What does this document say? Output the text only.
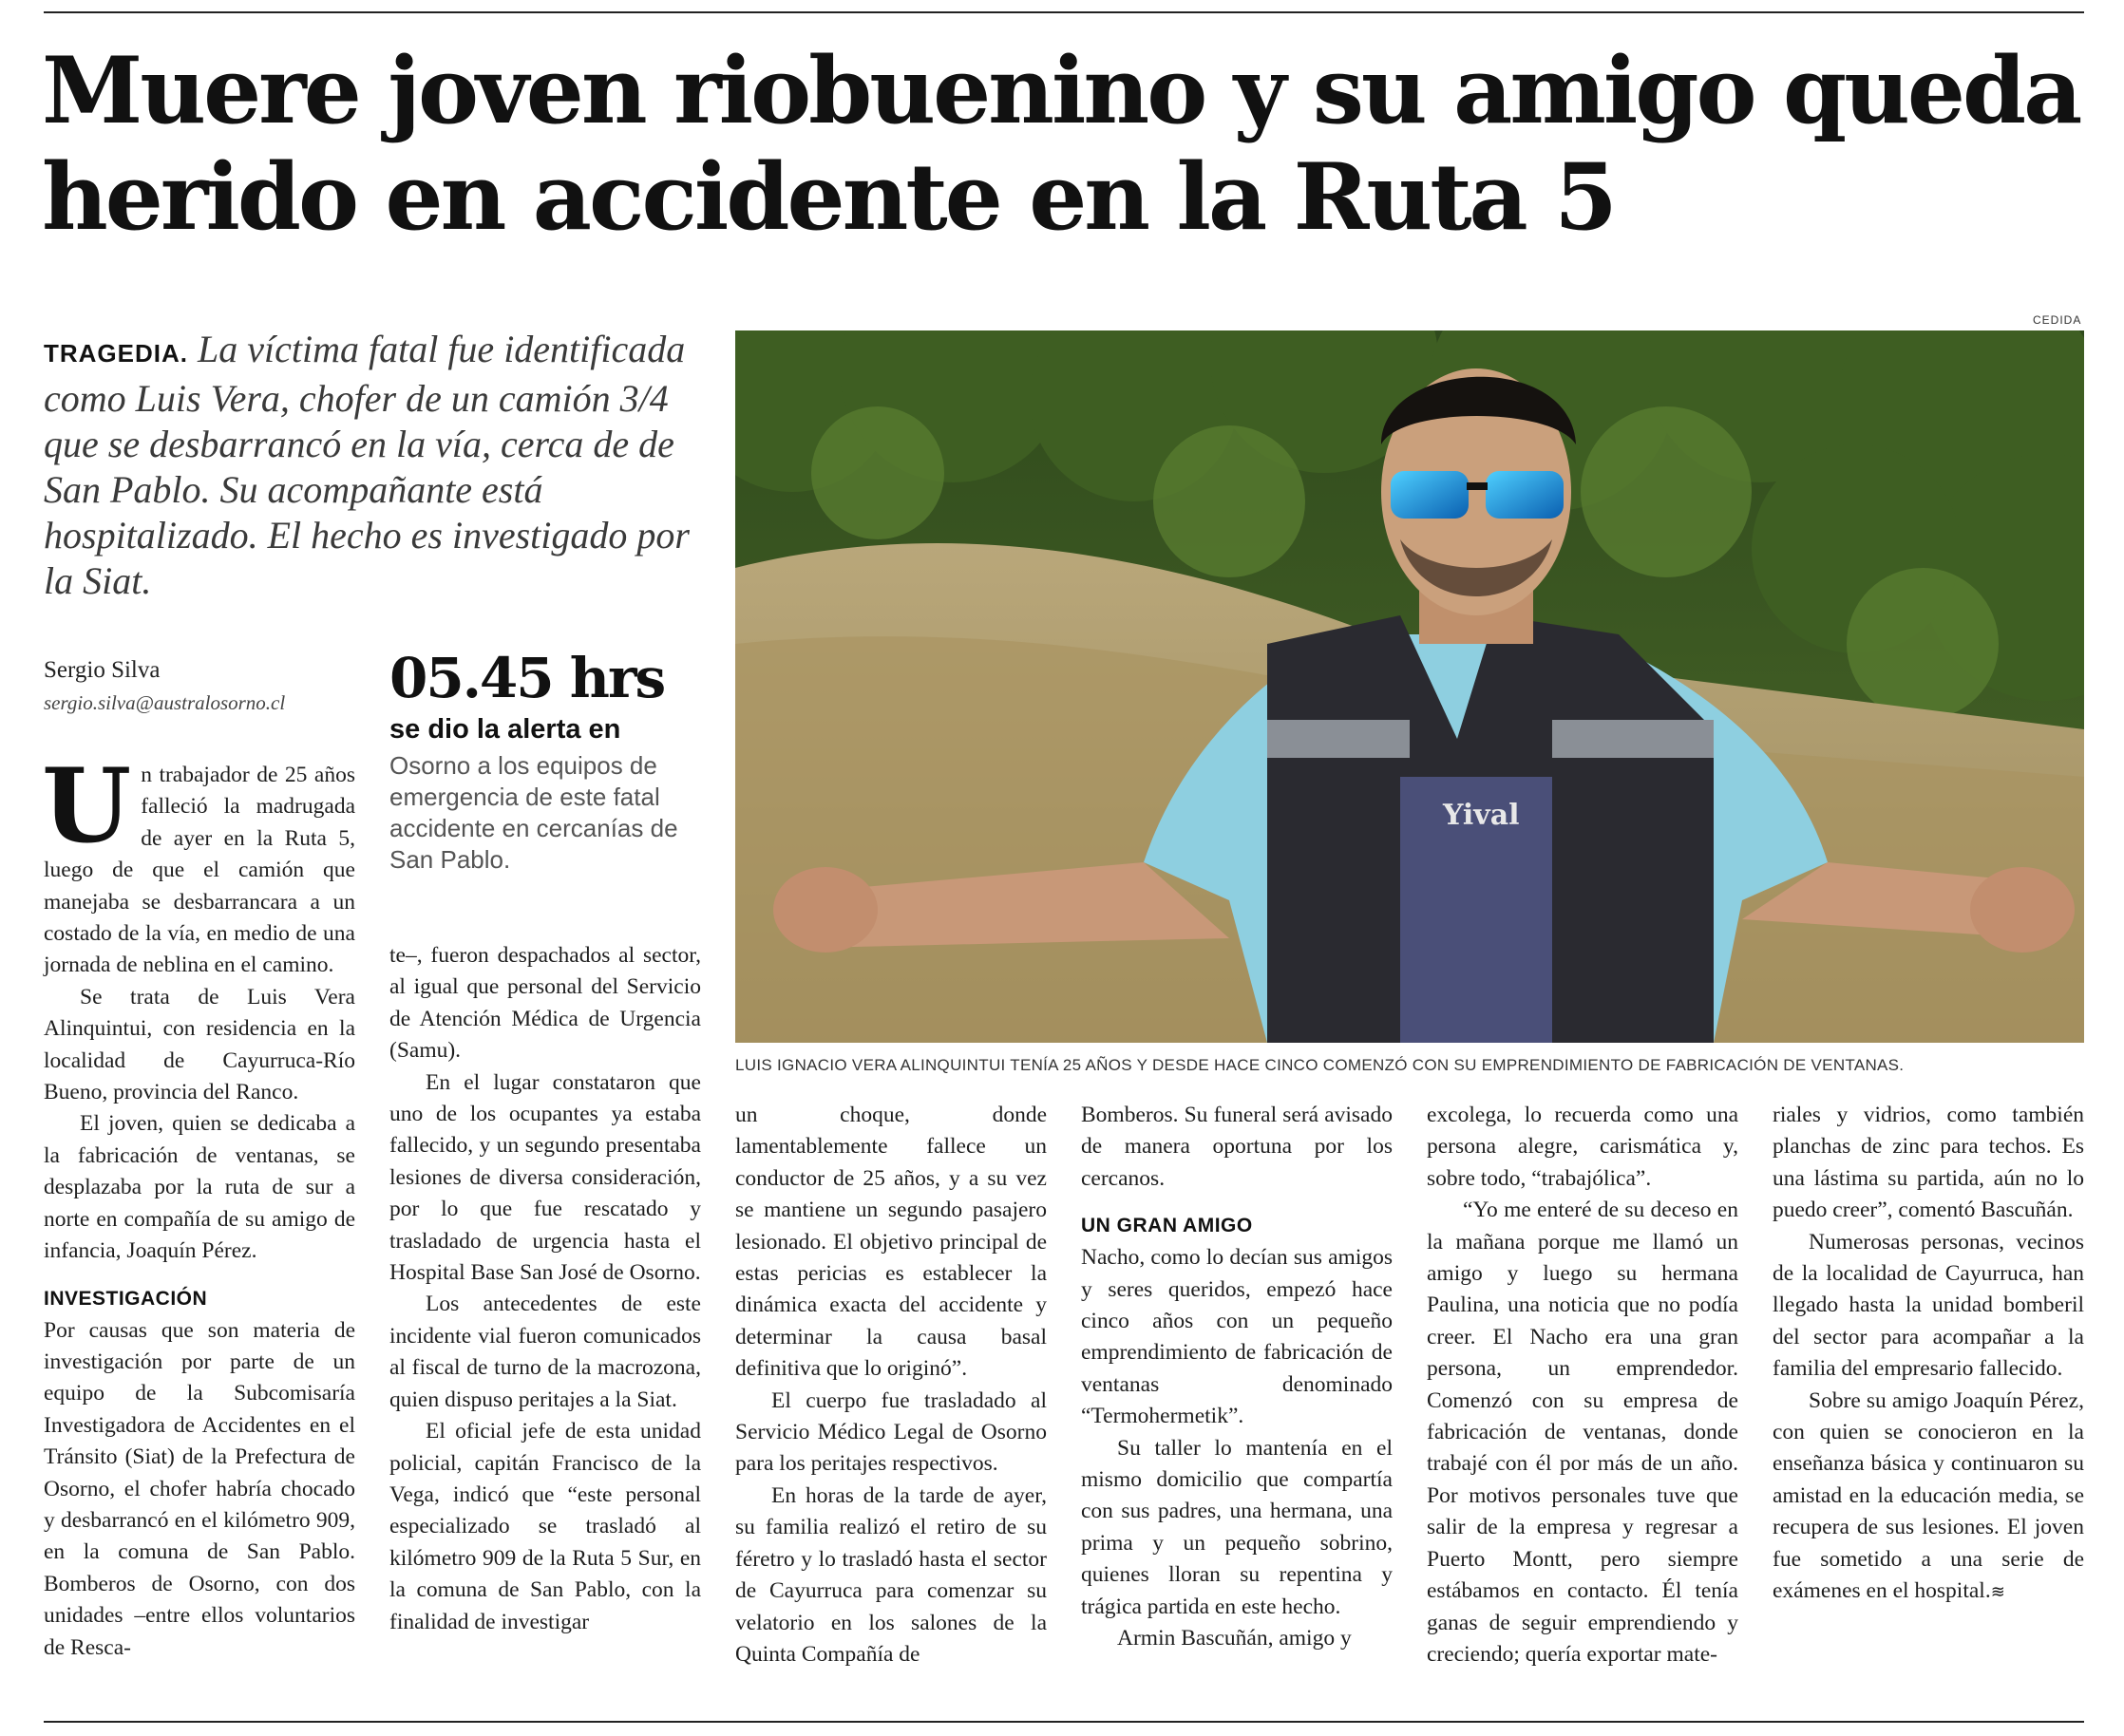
Muere joven riobuenino y su amigo queda herido en accidente en la Ruta 5

TRAGEDIA. La víctima fatal fue identificada como Luis Vera, chofer de un camión 3/4 que se desbarrancó en la vía, cerca de de San Pablo. Su acompañante está hospitalizado. El hecho es investigado por la Siat.

Sergio Silva
sergio.silva@australosorno.cl 05.45 hrs
se dio la alerta en

Osorno a los equipos de emergencia de este fatal accidente en cercanías de San Pablo.

CEDIDA
Yival
LUIS IGNACIO VERA ALINQUINTUI TENÍA 25 AÑOS Y DESDE HACE CINCO COMENZÓ CON SU EMPRENDIMIENTO DE FABRICACIÓN DE VENTANAS.
U n trabajador de 25 años falleció la madrugada de ayer en la Ruta 5, luego de que el camión que manejaba se desbarrancara a un costado de la vía, en medio de una jornada de neblina en el camino.

Se trata de Luis Vera Alinquintui, con residencia en la localidad de Cayurruca-Río Bueno, provincia del Ranco.

El joven, quien se dedicaba a la fabricación de ventanas, se desplazaba por la ruta de sur a norte en compañía de su amigo de infancia, Joaquín Pérez.

INVESTIGACIÓN

Por causas que son materia de investigación por parte de un equipo de la Subcomisaría Investigadora de Accidentes en el Tránsito (Siat) de la Prefectura de Osorno, el chofer habría chocado y desbarrancó en el kilómetro 909, en la comuna de San Pablo. Bomberos de Osorno, con dos unidades –entre ellos voluntarios de Resca-

te–, fueron despachados al sector, al igual que personal del Servicio de Atención Médica de Urgencia (Samu).

En el lugar constataron que uno de los ocupantes ya estaba fallecido, y un segundo presentaba lesiones de diversa consideración, por lo que fue rescatado y trasladado de urgencia hasta el Hospital Base San José de Osorno.

Los antecedentes de este incidente vial fueron comunicados al fiscal de turno de la macrozona, quien dispuso peritajes a la Siat.

El oficial jefe de esta unidad policial, capitán Francisco de la Vega, indicó que “este personal especializado se trasladó al kilómetro 909 de la Ruta 5 Sur, en la comuna de San Pablo, con la finalidad de investigar

un choque, donde lamentablemente fallece un conductor de 25 años, y a su vez se mantiene un segundo pasajero lesionado. El objetivo principal de estas pericias es establecer la dinámica exacta del accidente y determinar la causa basal definitiva que lo originó”.

El cuerpo fue trasladado al Servicio Médico Legal de Osorno para los peritajes respectivos.

En horas de la tarde de ayer, su familia realizó el retiro de su féretro y lo trasladó hasta el sector de Cayurruca para comenzar su velatorio en los salones de la Quinta Compañía de

Bomberos. Su funeral será avisado de manera oportuna por los cercanos.

UN GRAN AMIGO

Nacho, como lo decían sus amigos y seres queridos, empezó hace cinco años con un pequeño emprendimiento de fabricación de ventanas denominado “Termohermetik”.

Su taller lo mantenía en el mismo domicilio que compartía con sus padres, una hermana, una prima y un pequeño sobrino, quienes lloran su repentina y trágica partida en este hecho.

Armin Bascuñán, amigo y

excolega, lo recuerda como una persona alegre, carismática y, sobre todo, “trabajólica”.

“Yo me enteré de su deceso en la mañana porque me llamó un amigo y luego su hermana Paulina, una noticia que no podía creer. El Nacho era una gran persona, un emprendedor. Comenzó con su empresa de fabricación de ventanas, donde trabajé con él por más de un año. Por motivos personales tuve que salir de la empresa y regresar a Puerto Montt, pero siempre estábamos en contacto. Él tenía ganas de seguir emprendiendo y creciendo; quería exportar mate-

riales y vidrios, como también planchas de zinc para techos. Es una lástima su partida, aún no lo puedo creer”, comentó Bascuñán.

Numerosas personas, vecinos de la localidad de Cayurruca, han llegado hasta la unidad bomberil del sector para acompañar a la familia del empresario fallecido.

Sobre su amigo Joaquín Pérez, con quien se conocieron en la enseñanza básica y continuaron su amistad en la educación media, se recupera de sus lesiones. El joven fue sometido a una serie de exámenes en el hospital.≋
